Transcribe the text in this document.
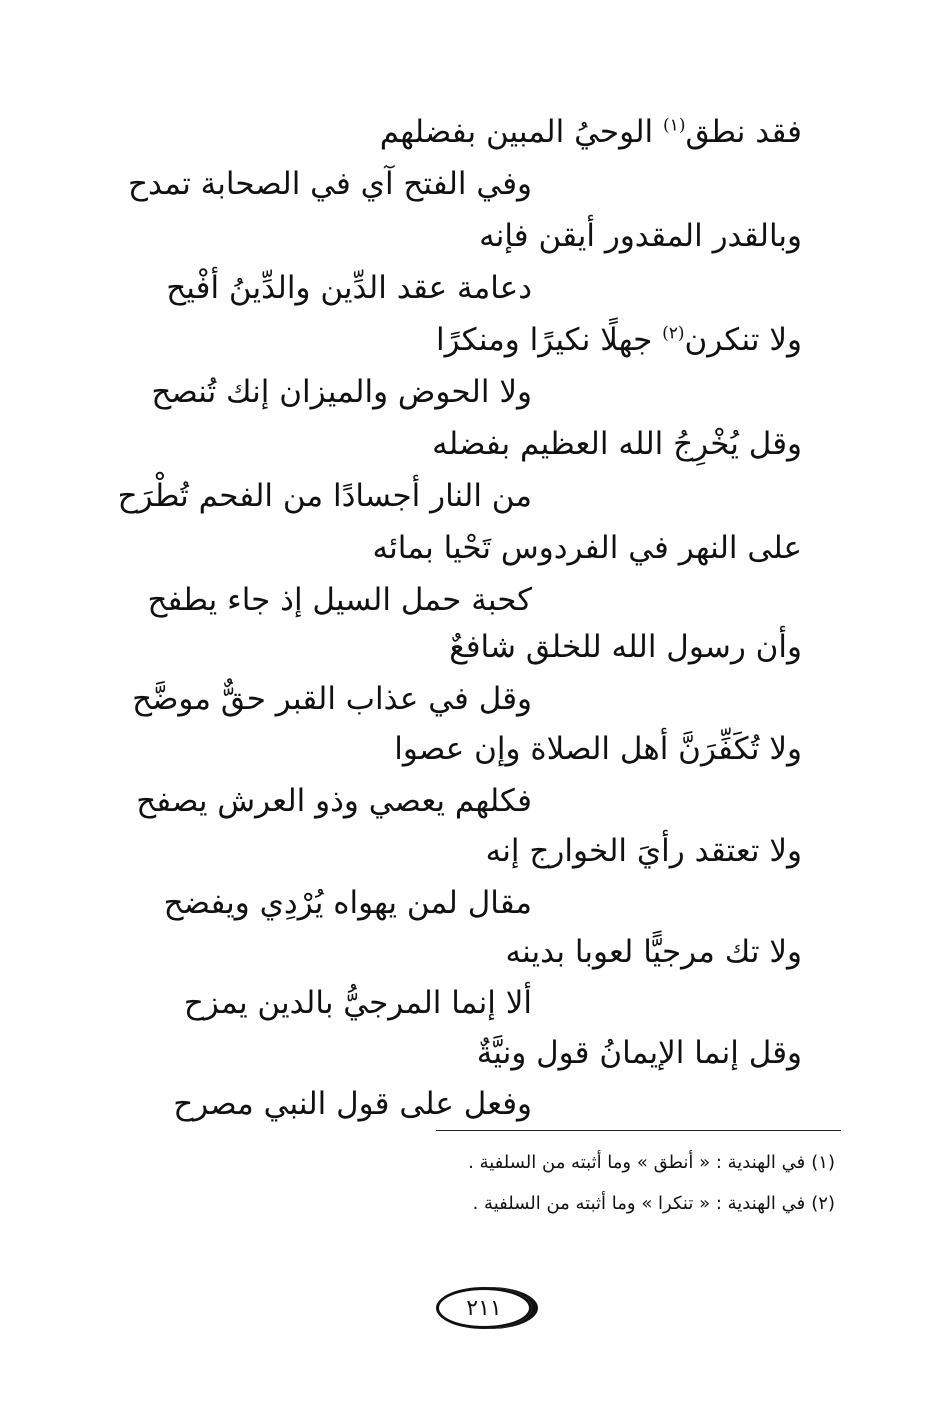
فقد نطق$^{(١)}$ الوحيُ المبين بفضلهم
وفي الفتح آي في الصحابة تمدح
وبالقدر المقدور أيقن فإنه
دعامة عقد الدِّين والدِّينُ أفْيح
ولا تنكرن$^{(٢)}$ جهلًا نكيرًا ومنكرًا
ولا الحوض والميزان إنك تُنصح
وقل يُخْرِجُ الله العظيم بفضله
من النار أجسادًا من الفحم تُطْرَح
على النهر في الفردوس تَحْيا بمائه
كحبة حمل السيل إذ جاء يطفح
وأن رسول الله للخلق شافعٌ
وقل في عذاب القبر حقٌّ موضَّح
ولا تُكَفِّرَنَّ أهل الصلاة وإن عصوا
فكلهم يعصي وذو العرش يصفح
ولا تعتقد رأيَ الخوارج إنه
مقال لمن يهواه يُرْدِي ويفضح
ولا تك مرجيًّا لعوبا بدينه
ألا إنما المرجيُّ بالدين يمزح
وقل إنما الإيمانُ قول ونيَّةٌ
وفعل على قول النبي مصرح
(١)في الهندية : « أنطق » وما أثبته من السلفية .
(٢)في الهندية : « تنكرا » وما أثبته من السلفية .
٢١١
